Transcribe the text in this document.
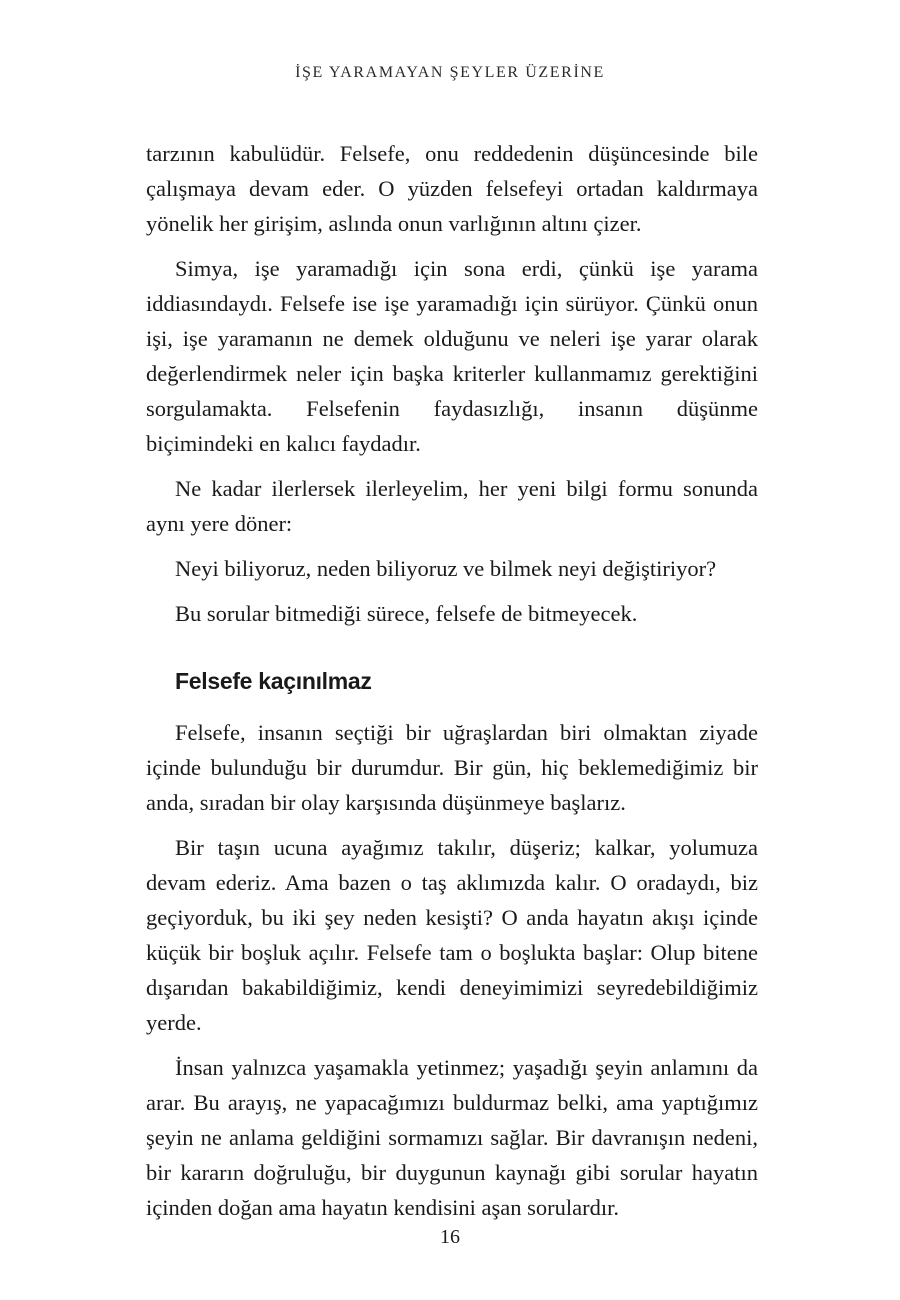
İŞE YARAMAYAN ŞEYLER ÜZERİNE

tarzının kabulüdür. Felsefe, onu reddedenin düşüncesinde bile çalışmaya devam eder. O yüzden felsefeyi ortadan kaldırmaya yönelik her girişim, aslında onun varlığının altını çizer.

Simya, işe yaramadığı için sona erdi, çünkü işe yarama iddiasındaydı. Felsefe ise işe yaramadığı için sürüyor. Çünkü onun işi, işe yaramanın ne demek olduğunu ve neleri işe yarar olarak değerlendirmek neler için başka kriterler kullanmamız gerektiğini sorgulamakta. Felsefenin faydasızlığı, insanın düşünme biçimindeki en kalıcı faydadır.

Ne kadar ilerlersek ilerleyelim, her yeni bilgi formu sonunda aynı yere döner:

Neyi biliyoruz, neden biliyoruz ve bilmek neyi değiştiriyor?

Bu sorular bitmediği sürece, felsefe de bitmeyecek.

Felsefe kaçınılmaz

Felsefe, insanın seçtiği bir uğraşlardan biri olmaktan ziyade içinde bulunduğu bir durumdur. Bir gün, hiç beklemediğimiz bir anda, sıradan bir olay karşısında düşünmeye başlarız.

Bir taşın ucuna ayağımız takılır, düşeriz; kalkar, yolumuza devam ederiz. Ama bazen o taş aklımızda kalır. O oradaydı, biz geçiyorduk, bu iki şey neden kesişti? O anda hayatın akışı içinde küçük bir boşluk açılır. Felsefe tam o boşlukta başlar: Olup bitene dışarıdan bakabildiğimiz, kendi deneyimimizi seyredebildiğimiz yerde.

İnsan yalnızca yaşamakla yetinmez; yaşadığı şeyin anlamını da arar. Bu arayış, ne yapacağımızı buldurmaz belki, ama yaptığımız şeyin ne anlama geldiğini sormamızı sağlar. Bir davranışın nedeni, bir kararın doğruluğu, bir duygunun kaynağı gibi sorular hayatın içinden doğan ama hayatın kendisini aşan sorulardır.

16
